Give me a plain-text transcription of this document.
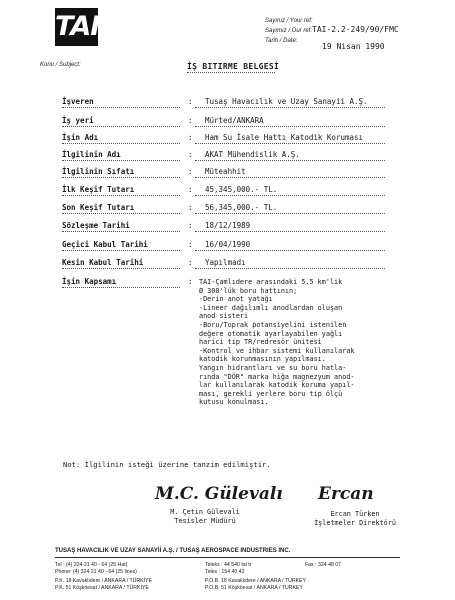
TAI	Sayınız / Your ref:
Sayımız / Our ref:
Tarih / Date:
TAI-2.2-249/90/FMC
19 Nisan 1990
Konu / Subject:	İŞ BITIRME BELGESİ
İşveren	: Tusaş Havacılık ve Uzay Sanayii A.Ş.
İş yeri	: Mürted/ANKARA
İşin Adı	: Ham Su İsale Hattı Katodik Koruması
İlgilinin Adı	: AKAT Mühendislik A.Ş.
İlgilinin Sıfatı	: Müteahhit
İlk Keşif Tutarı	: 45,345,000.- TL.
Son Keşif Tutarı	: 56,345,000.- TL.
Sözleşme Tarihi	: 18/12/1989
Geçici Kabul Tarihi	: 16/04/1990
Kesin Kabul Tarihi	: Yapılmadı
İşin Kapsamı	: TAI-Çamlıdere arasındaki 5.5 km'lik
Ø 300'lük boru hattının;
-Derin anot yatağı
-Lineer dağılımlı anodlardan oluşan
anod sisteri
-Boru/Toprak potansiyelini istenilen
değere otomatik ayarlayabilen yağlı
harici tip TR/redresör ünitesi
-Kontrol ve ihbar sistemi kullanılarak
katodik korunmasının yapılması.
Yangın hidrantları ve su boru hatla-
rında "DÖR" marka hiğa magnezyum anod-
lar kullanılarak katodik koruma yapıl-
ması, gerekli yerlere boru tip ölçü
kutusu konulması.
Not: İlgilinin isteği üzerine tanzim edilmiştir.
M.C. Gülevalı
M. Çetin Gülevali
Tesisler Müdürü
Ercan
Ercan Türken
İşletmeler Direktörü
TUSAŞ HAVACILIK VE UZAY SANAYİİ A.Ş. / TUSAŞ AEROSPACE INDUSTRIES INC.
Tel : (4) 324 21 40 - 64 (25 Hat)
Phone: (4) 324 21 40 - 64 (25 lines)
P.K. 18 Kavaklıdere / ANKARA / TÜRKİYE
P.K. 51 Köşköesat / ANKARA / TÜRKİYE
Teleks : 44 540 tai tr
Telex : 154 40 42
Fax : 324 48 07
P.O.B. 18 Kavaklıdere / ANKARA / TURKEY
P.O.B. 51 Köşköesat / ANKARA / TURKEY
